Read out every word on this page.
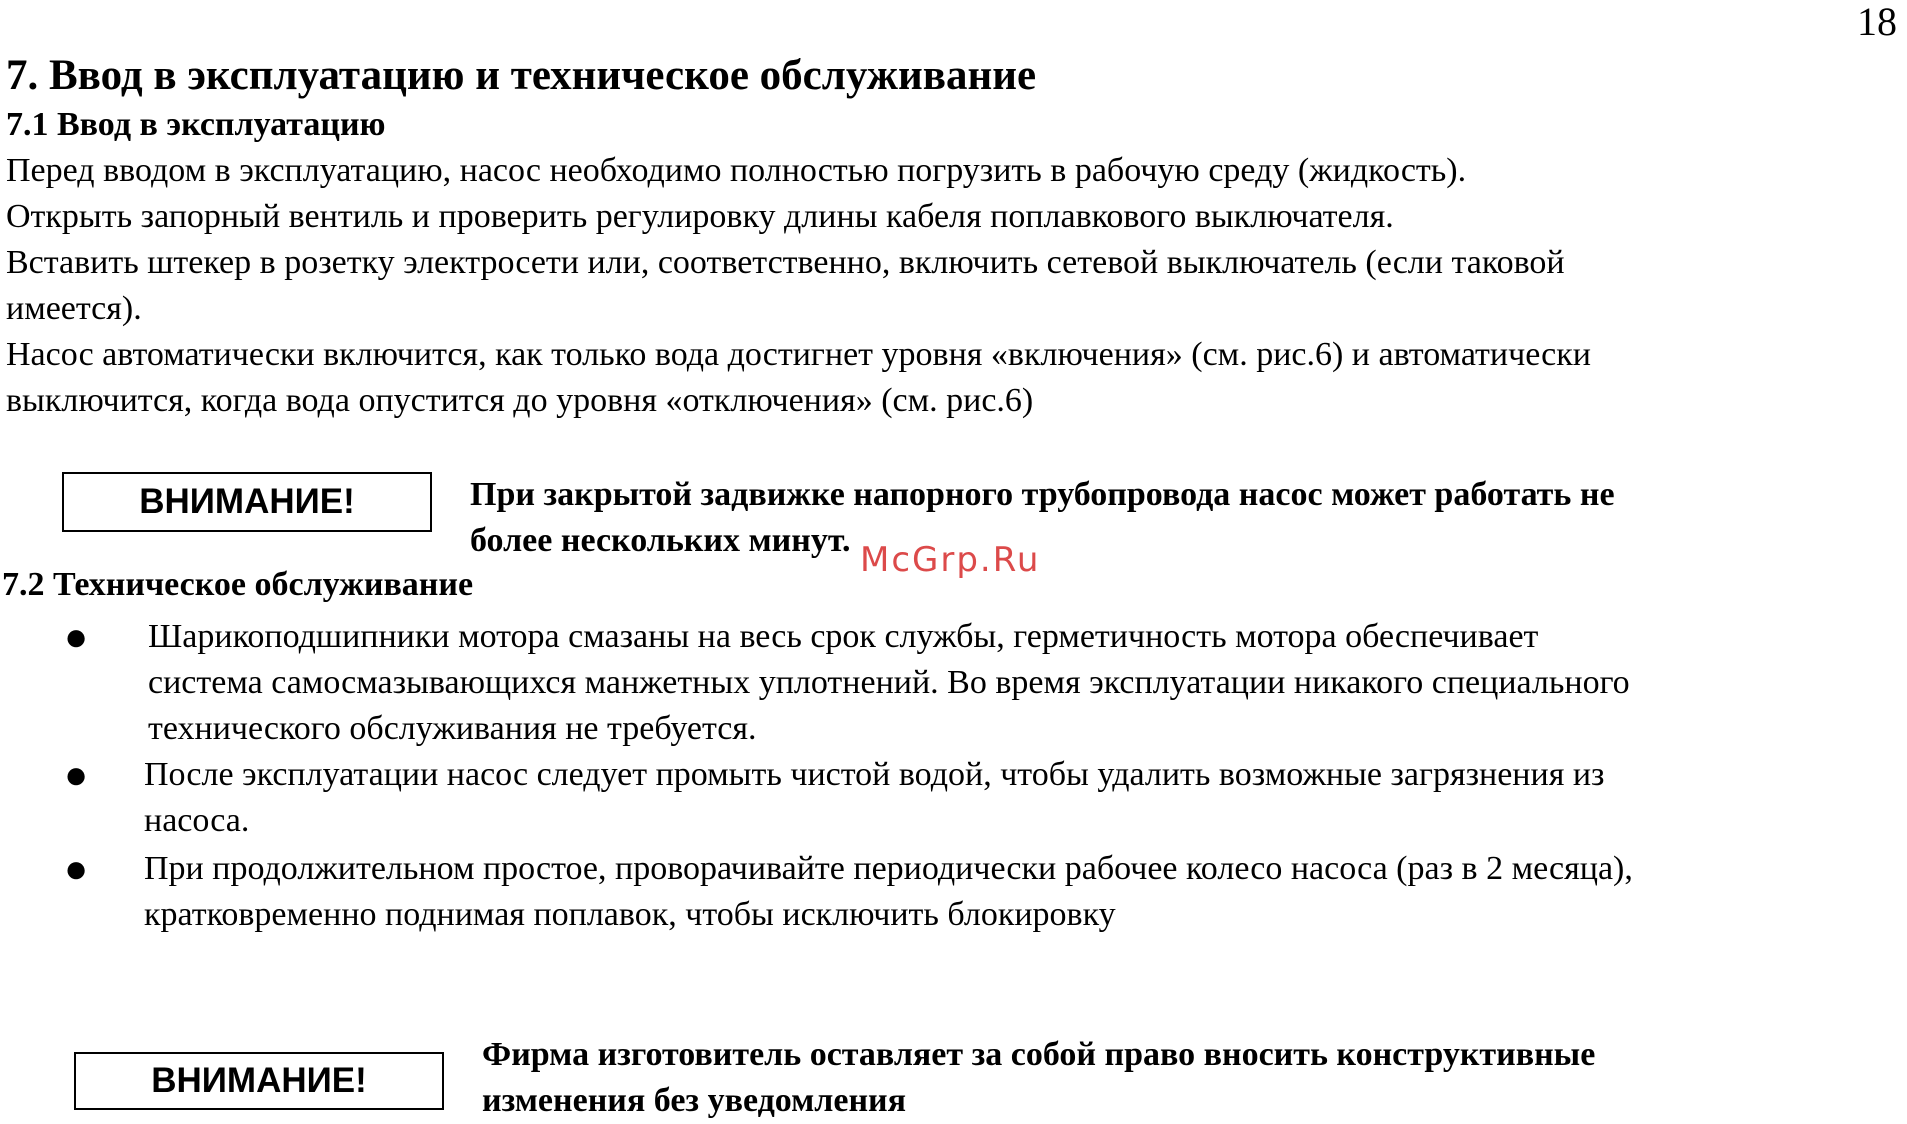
18
7. Ввод в эксплуатацию и техническое обслуживание
7.1 Ввод в эксплуатацию
Перед вводом в эксплуатацию, насос необходимо полностью погрузить в рабочую среду (жидкость).
Открыть запорный вентиль и проверить регулировку длины кабеля поплавкового выключателя.
Вставить штекер в розетку электросети или, соответственно, включить сетевой выключатель (если таковой
имеется).
Насос автоматически включится, как только вода достигнет уровня «включения» (см. рис.6) и автоматически
выключится, когда вода опустится до уровня «отключения» (см. рис.6)
ВНИМАНИЕ!	При закрытой задвижке напорного трубопровода насос может работать не
более нескольких минут. McGrp.Ru
7.2 Техническое обслуживание
● Шарикоподшипники мотора смазаны на весь срок службы, герметичность мотора обеспечивает
система самосмазывающихся манжетных уплотнений. Во время эксплуатации никакого специального
технического обслуживания не требуется.
● После эксплуатации насос следует промыть чистой водой, чтобы удалить возможные загрязнения из
насоса.
● При продолжительном простое, проворачивайте периодически рабочее колесо насоса (раз в 2 месяца),
кратковременно поднимая поплавок, чтобы исключить блокировку
ВНИМАНИЕ!
Фирма изготовитель оставляет за собой право вносить конструктивные
изменения без уведомления
